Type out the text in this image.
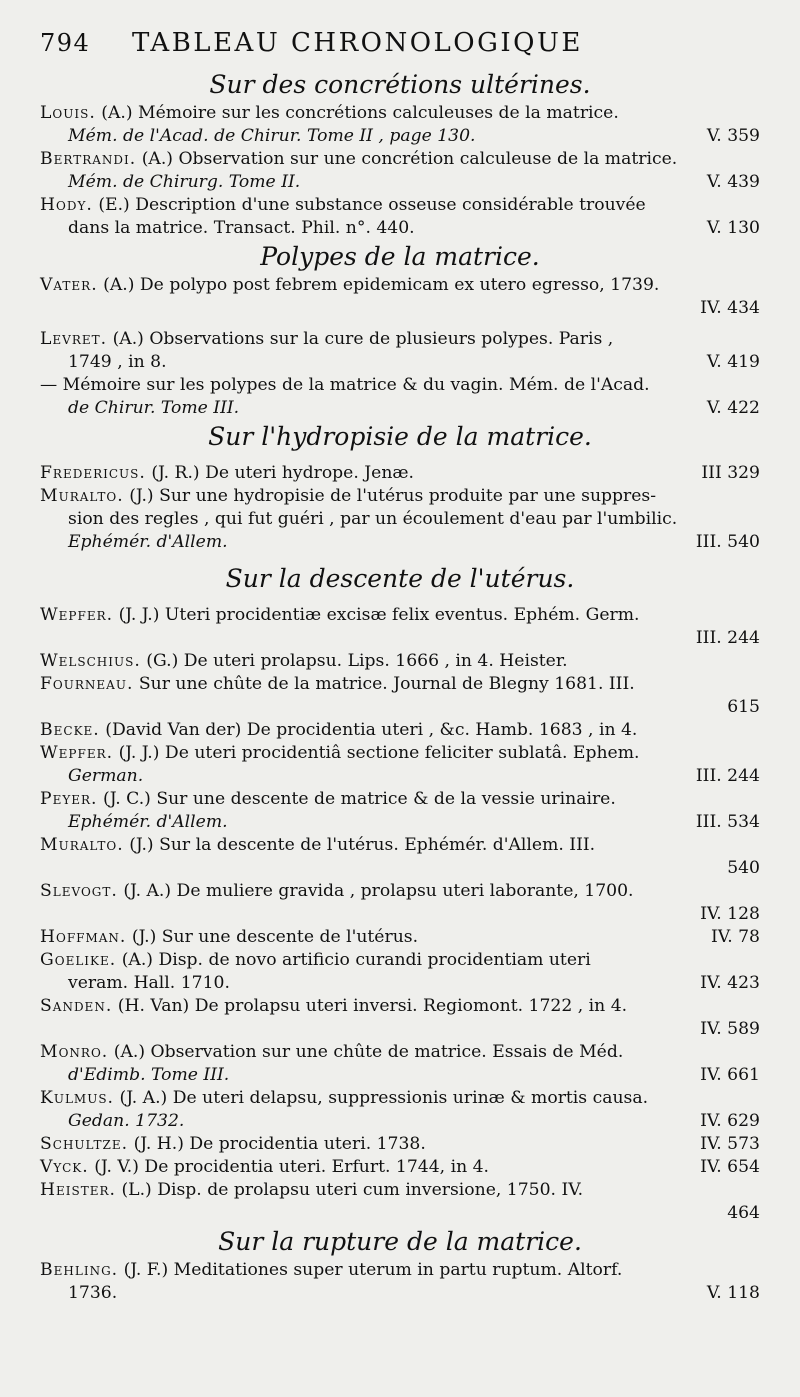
794	TABLEAU CHRONOLOGIQUE
Sur des concrétions ultérines.

Louis. (A.) Mémoire sur les concrétions calculeuses de la matrice.
Mém. de l'Acad. de Chirur. Tome II , page 130.	V. 359

Bertrandi. (A.) Observation sur une concrétion calculeuse de la matrice.
Mém. de Chirurg. Tome II.	V. 439

Hody. (E.) Description d'une substance osseuse considérable trouvée
dans la matrice. Transact. Phil. n°. 440.	V. 130

Polypes de la matrice.

Vater. (A.) De polypo post febrem epidemicam ex utero egresso, 1739.
IV. 434

Levret. (A.) Observations sur la cure de plusieurs polypes. Paris ,
1749 , in 8.	V. 419

— Mémoire sur les polypes de la matrice & du vagin. Mém. de l'Acad.
de Chirur. Tome III.	V. 422

Sur l'hydropisie de la matrice.

Fredericus. (J. R.) De uteri hydrope. Jenæ.	III 329

Muralto. (J.) Sur une hydropisie de l'utérus produite par une suppres-
sion des regles , qui fut guéri , par un écoulement d'eau par l'umbilic.
Ephémér. d'Allem.	III. 540

Sur la descente de l'utérus.

Wepfer. (J. J.) Uteri procidentiæ excisæ felix eventus. Ephém. Germ.
III. 244

Welschius. (G.) De uteri prolapsu. Lips. 1666 , in 4. Heister.

Fourneau. Sur une chûte de la matrice. Journal de Blegny 1681. III.
615

Becke. (David Van der) De procidentia uteri , &c. Hamb. 1683 , in 4.

Wepfer. (J. J.) De uteri procidentiâ sectione feliciter sublatâ. Ephem.
German.	III. 244

Peyer. (J. C.) Sur une descente de matrice & de la vessie urinaire.
Ephémér. d'Allem.	III. 534

Muralto. (J.) Sur la descente de l'utérus. Ephémér. d'Allem. III.
540

Slevogt. (J. A.) De muliere gravida , prolapsu uteri laborante, 1700.
IV. 128

Hoffman. (J.) Sur une descente de l'utérus.	IV. 78

Goelike. (A.) Disp. de novo artificio curandi procidentiam uteri
veram. Hall. 1710.	IV. 423

Sanden. (H. Van) De prolapsu uteri inversi. Regiomont. 1722 , in 4.
IV. 589

Monro. (A.) Observation sur une chûte de matrice. Essais de Méd.
d'Edimb. Tome III.	IV. 661

Kulmus. (J. A.) De uteri delapsu, suppressionis urinæ & mortis causa.
Gedan. 1732.	IV. 629

Schultze. (J. H.) De procidentia uteri. 1738.	IV. 573

Vyck. (J. V.) De procidentia uteri. Erfurt. 1744, in 4.	IV. 654

Heister. (L.) Disp. de prolapsu uteri cum inversione, 1750. IV.
464

Sur la rupture de la matrice.

Behling. (J. F.) Meditationes super uterum in partu ruptum. Altorf.
1736.	V. 118
